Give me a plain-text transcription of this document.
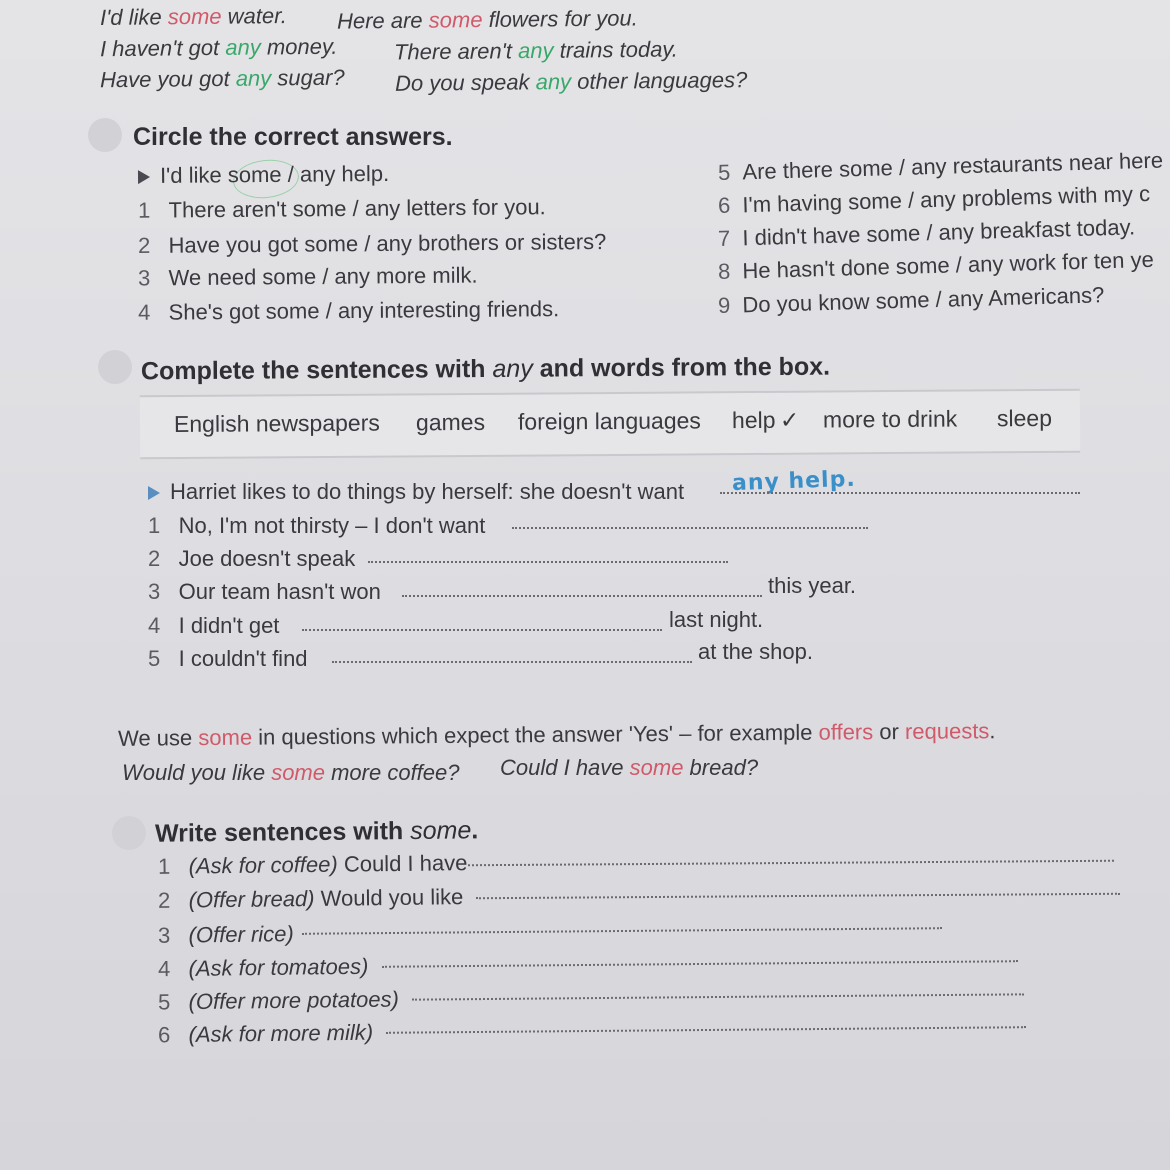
I'd like some water. Here are some flowers for you.
I haven't got any money.	There aren't any trains today.
Have you got any sugar? Do you speak any other languages?
Circle the correct answers.
I'd like some / any help.
1 There aren't some / any letters for you.
2 Have you got some / any brothers or sisters?
3 We need some / any more milk.
4 She's got some / any interesting friends.
5 Are there some / any restaurants near here
6 I'm having some / any problems with my c
7 I didn't have some / any breakfast today.
8 He hasn't done some / any work for ten ye
9 Do you know some / any Americans?
Complete the sentences with any and words from the box.
English newspapers games foreign languages help ✓ more to drink sleep
Harriet likes to do things by herself: she doesn't want any help.
1 No, I'm not thirsty – I don't want
2 Joe doesn't speak
3 Our team hasn't won	this year.
4 I didn't get	last night.
5 I couldn't find	at the shop.
We use some in questions which expect the answer 'Yes' – for example offers or requests.
Would you like some more coffee? Could I have some bread?
Write sentences with some.
1 (Ask for coffee) Could I have
2 (Offer bread) Would you like
3 (Offer rice)
4 (Ask for tomatoes)
5 (Offer more potatoes)
6 (Ask for more milk)
